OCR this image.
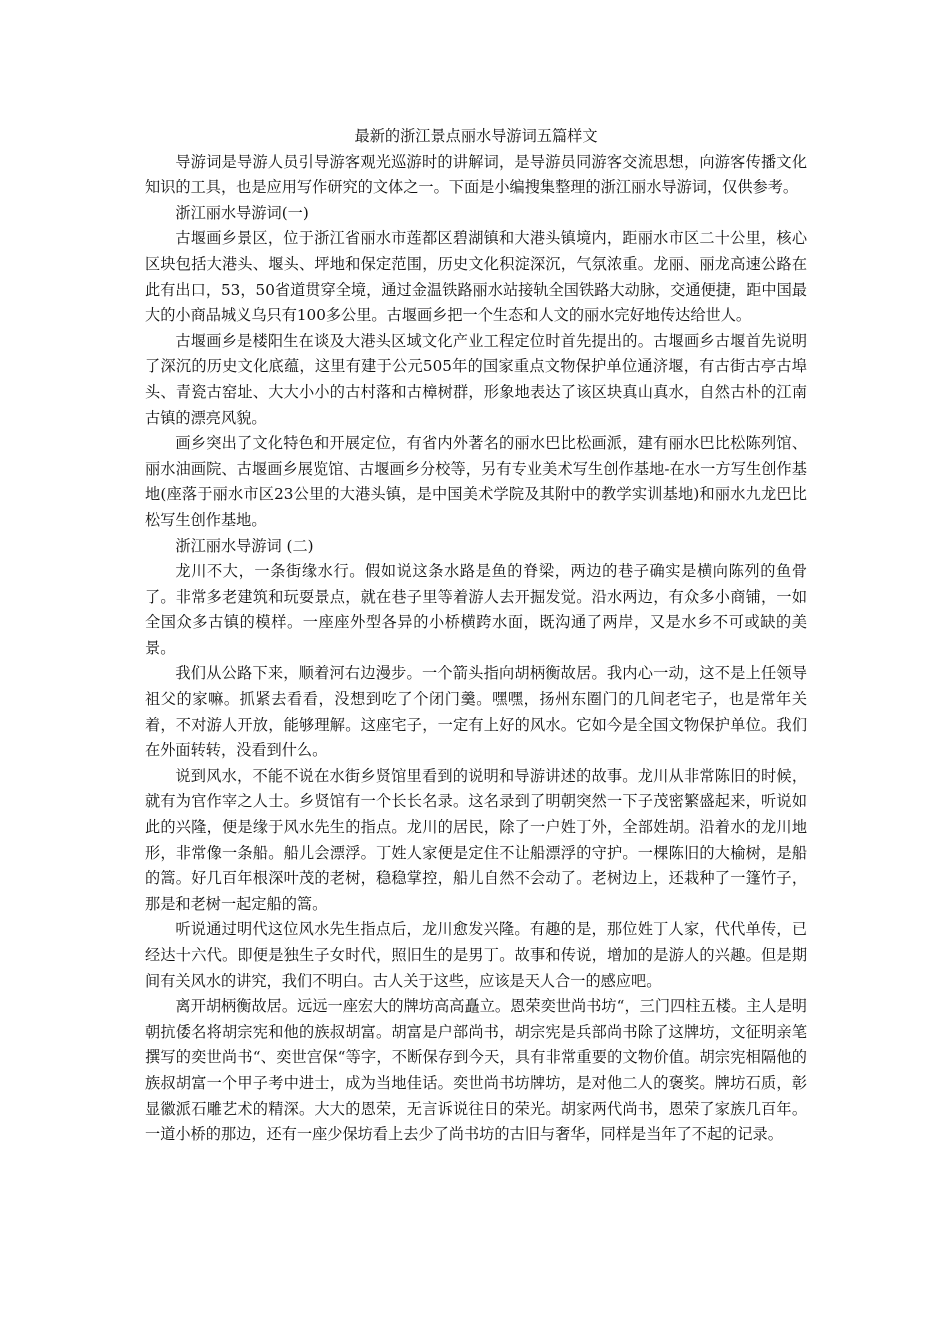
最新的浙江景点丽水导游词五篇样文

导游词是导游人员引导游客观光巡游时的讲解词，是导游员同游客交流思想，向游客传播文化知识的工具，也是应用写作研究的文体之一。下面是小编搜集整理的浙江丽水导游词，仅供参考。

浙江丽水导游词(一)

古堰画乡景区，位于浙江省丽水市莲都区碧湖镇和大港头镇境内，距丽水市区二十公里，核心区块包括大港头、堰头、坪地和保定范围，历史文化积淀深沉，气氛浓重。龙丽、丽龙高速公路在此有出口，53，50省道贯穿全境，通过金温铁路丽水站接轨全国铁路大动脉，交通便捷，距中国最大的小商品城义乌只有100多公里。古堰画乡把一个生态和人文的丽水完好地传达给世人。

古堰画乡是楼阳生在谈及大港头区域文化产业工程定位时首先提出的。古堰画乡古堰首先说明了深沉的历史文化底蕴，这里有建于公元505年的国家重点文物保护单位通济堰，有古街古亭古埠头、青瓷古窑址、大大小小的古村落和古樟树群，形象地表达了该区块真山真水，自然古朴的江南古镇的漂亮风貌。

画乡突出了文化特色和开展定位，有省内外著名的丽水巴比松画派，建有丽水巴比松陈列馆、丽水油画院、古堰画乡展览馆、古堰画乡分校等，另有专业美术写生创作基地-在水一方写生创作基地(座落于丽水市区23公里的大港头镇，是中国美术学院及其附中的教学实训基地)和丽水九龙巴比松写生创作基地。

浙江丽水导游词 (二)

龙川不大，一条街缘水行。假如说这条水路是鱼的脊梁，两边的巷子确实是横向陈列的鱼骨了。非常多老建筑和玩耍景点，就在巷子里等着游人去开掘发觉。沿水两边，有众多小商铺，一如全国众多古镇的模样。一座座外型各异的小桥横跨水面，既沟通了两岸，又是水乡不可或缺的美景。

我们从公路下来，顺着河右边漫步。一个箭头指向胡柄衡故居。我内心一动，这不是上任领导祖父的家嘛。抓紧去看看，没想到吃了个闭门羹。嘿嘿，扬州东圈门的几间老宅子，也是常年关着，不对游人开放，能够理解。这座宅子，一定有上好的风水。它如今是全国文物保护单位。我们在外面转转，没看到什么。

说到风水，不能不说在水街乡贤馆里看到的说明和导游讲述的故事。龙川从非常陈旧的时候，就有为官作宰之人士。乡贤馆有一个长长名录。这名录到了明朝突然一下子茂密繁盛起来，听说如此的兴隆，便是缘于风水先生的指点。龙川的居民，除了一户姓丁外，全部姓胡。沿着水的龙川地形，非常像一条船。船儿会漂浮。丁姓人家便是定住不让船漂浮的守护。一棵陈旧的大榆树，是船的篙。好几百年根深叶茂的老树，稳稳掌控，船儿自然不会动了。老树边上，还栽种了一篷竹子，那是和老树一起定船的篙。

听说通过明代这位风水先生指点后，龙川愈发兴隆。有趣的是，那位姓丁人家，代代单传，已经达十六代。即便是独生子女时代，照旧生的是男丁。故事和传说，增加的是游人的兴趣。但是期间有关风水的讲究，我们不明白。古人关于这些，应该是天人合一的感应吧。

离开胡柄衡故居。远远一座宏大的牌坊高高矗立。恩荣奕世尚书坊“，三门四柱五楼。主人是明朝抗倭名将胡宗宪和他的族叔胡富。胡富是户部尚书，胡宗宪是兵部尚书除了这牌坊，文征明亲笔撰写的奕世尚书“、奕世宫保“等字，不断保存到今天，具有非常重要的文物价值。胡宗宪相隔他的族叔胡富一个甲子考中进士，成为当地佳话。奕世尚书坊牌坊，是对他二人的褒奖。牌坊石质，彰显徽派石雕艺术的精深。大大的恩荣，无言诉说往日的荣光。胡家两代尚书，恩荣了家族几百年。一道小桥的那边，还有一座少保坊看上去少了尚书坊的古旧与奢华，同样是当年了不起的记录。
